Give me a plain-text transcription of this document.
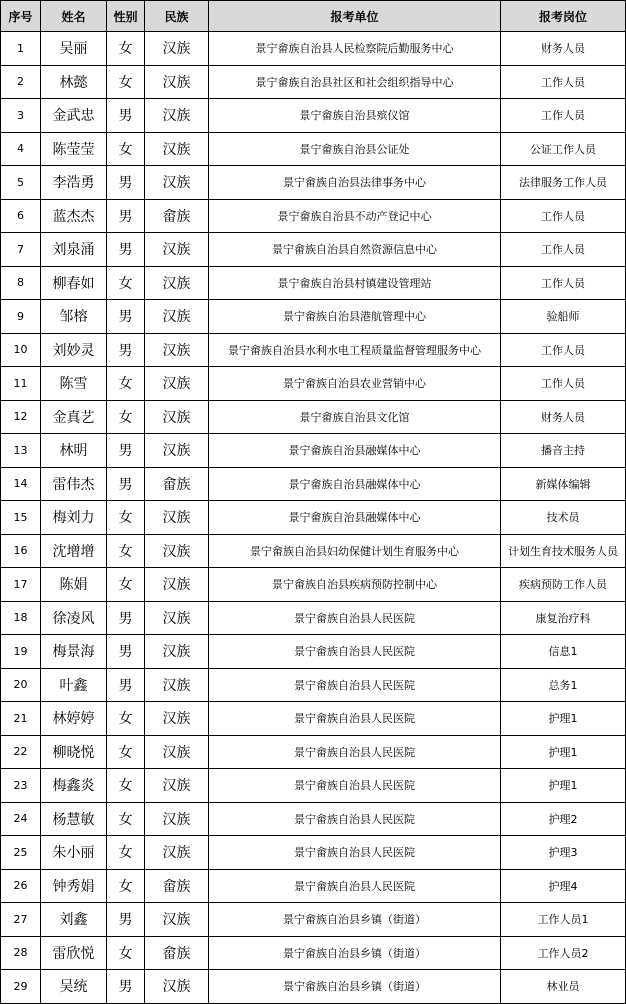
序号	姓名	性别	民族	报考单位	报考岗位
1	吴丽	女	汉族	景宁畲族自治县人民检察院后勤服务中心	财务人员
2	林懿	女	汉族	景宁畲族自治县社区和社会组织指导中心	工作人员
3	金武忠	男	汉族	景宁畲族自治县殡仪馆	工作人员
4	陈莹莹	女	汉族	景宁畲族自治县公证处	公证工作人员
5	李浩勇	男	汉族	景宁畲族自治县法律事务中心	法律服务工作人员
6	蓝杰杰	男	畲族	景宁畲族自治县不动产登记中心	工作人员
7	刘泉涌	男	汉族	景宁畲族自治县自然资源信息中心	工作人员
8	柳春如	女	汉族	景宁畲族自治县村镇建设管理站	工作人员
9	邹榕	男	汉族	景宁畲族自治县港航管理中心	验船师
10	刘妙灵	男	汉族	景宁畲族自治县水利水电工程质量监督管理服务中心	工作人员
11	陈雪	女	汉族	景宁畲族自治县农业营销中心	工作人员
12	金真艺	女	汉族	景宁畲族自治县文化馆	财务人员
13	林明	男	汉族	景宁畲族自治县融媒体中心	播音主持
14	雷伟杰	男	畲族	景宁畲族自治县融媒体中心	新媒体编辑
15	梅刘力	女	汉族	景宁畲族自治县融媒体中心	技术员
16	沈增增	女	汉族	景宁畲族自治县妇幼保健计划生育服务中心	计划生育技术服务人员
17	陈娟	女	汉族	景宁畲族自治县疾病预防控制中心	疾病预防工作人员
18	徐凌风	男	汉族	景宁畲族自治县人民医院	康复治疗科
19	梅景海	男	汉族	景宁畲族自治县人民医院	信息1
20	叶鑫	男	汉族	景宁畲族自治县人民医院	总务1
21	林婷婷	女	汉族	景宁畲族自治县人民医院	护理1
22	柳晓悦	女	汉族	景宁畲族自治县人民医院	护理1
23	梅鑫炎	女	汉族	景宁畲族自治县人民医院	护理1
24	杨慧敏	女	汉族	景宁畲族自治县人民医院	护理2
25	朱小丽	女	汉族	景宁畲族自治县人民医院	护理3
26	钟秀娟	女	畲族	景宁畲族自治县人民医院	护理4
27	刘鑫	男	汉族	景宁畲族自治县乡镇（街道）	工作人员1
28	雷欣悦	女	畲族	景宁畲族自治县乡镇（街道）	工作人员2
29	吴统	男	汉族	景宁畲族自治县乡镇（街道）	林业员
